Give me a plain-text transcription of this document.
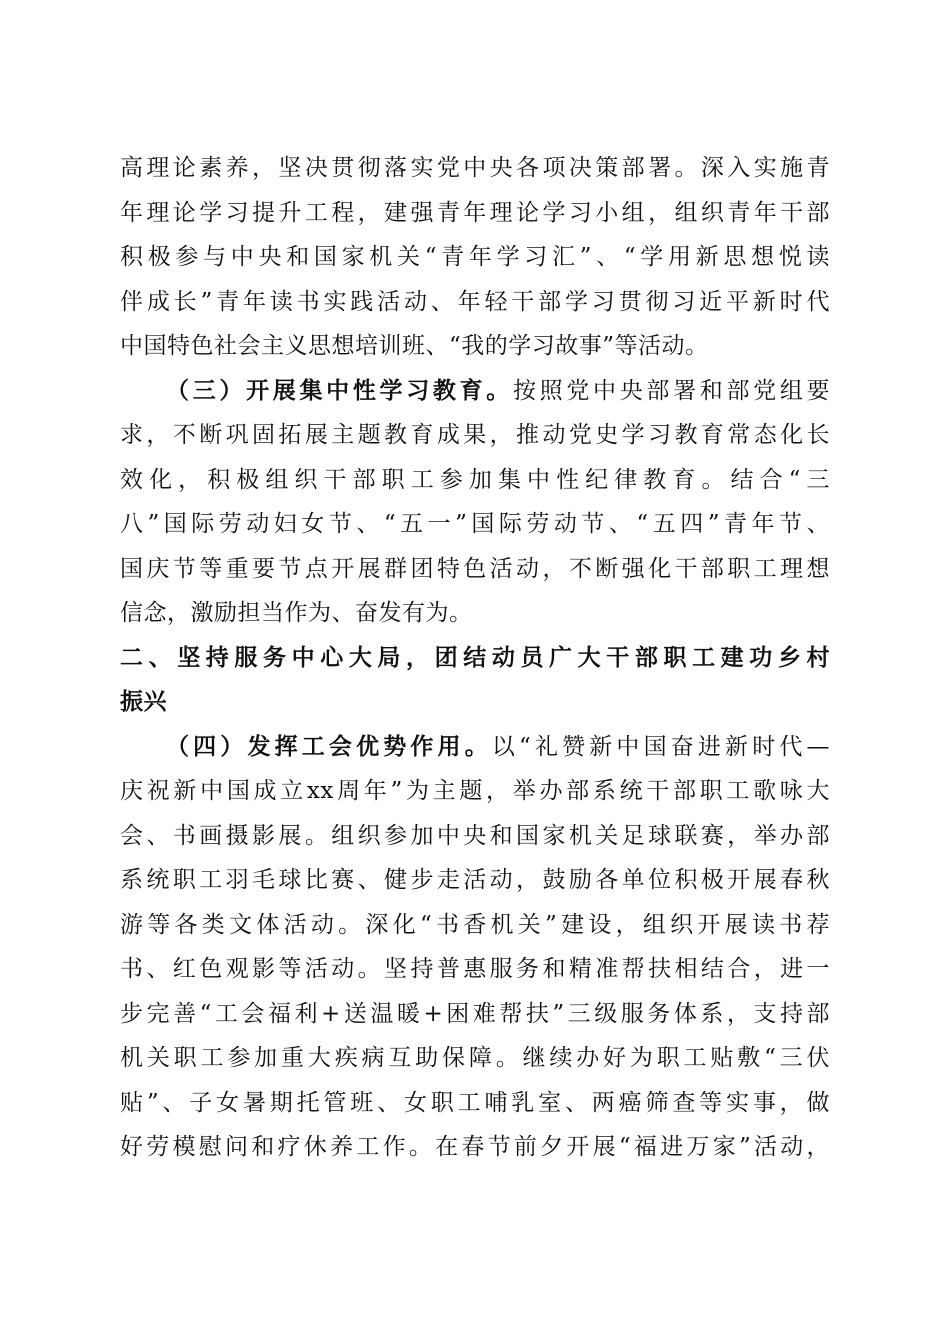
高理论素养，坚决贯彻落实党中央各项决策部署。深入实施青
年理论学习提升工程，建强青年理论学习小组，组织青年干部
积极参与中央和国家机关“青年学习汇”、“学用新思想悦读
伴成长”青年读书实践活动、年轻干部学习贯彻习近平新时代
中国特色社会主义思想培训班、“我的学习故事”等活动。
（三）开展集中性学习教育。按照党中央部署和部党组要
求，不断巩固拓展主题教育成果，推动党史学习教育常态化长
效化，积极组织干部职工参加集中性纪律教育。结合“三
八”国际劳动妇女节、“五一”国际劳动节、“五四”青年节、
国庆节等重要节点开展群团特色活动，不断强化干部职工理想
信念，激励担当作为、奋发有为。
二、坚持服务中心大局，团结动员广大干部职工建功乡村
振兴
（四）发挥工会优势作用。以“礼赞新中国奋进新时代—
庆祝新中国成立xx周年”为主题，举办部系统干部职工歌咏大
会、书画摄影展。组织参加中央和国家机关足球联赛，举办部
系统职工羽毛球比赛、健步走活动，鼓励各单位积极开展春秋
游等各类文体活动。深化“书香机关”建设，组织开展读书荐
书、红色观影等活动。坚持普惠服务和精准帮扶相结合，进一
步完善“工会福利+送温暖+困难帮扶”三级服务体系，支持部
机关职工参加重大疾病互助保障。继续办好为职工贴敷“三伏
贴”、子女暑期托管班、女职工哺乳室、两癌筛查等实事，做
好劳模慰问和疗休养工作。在春节前夕开展“福进万家”活动，
